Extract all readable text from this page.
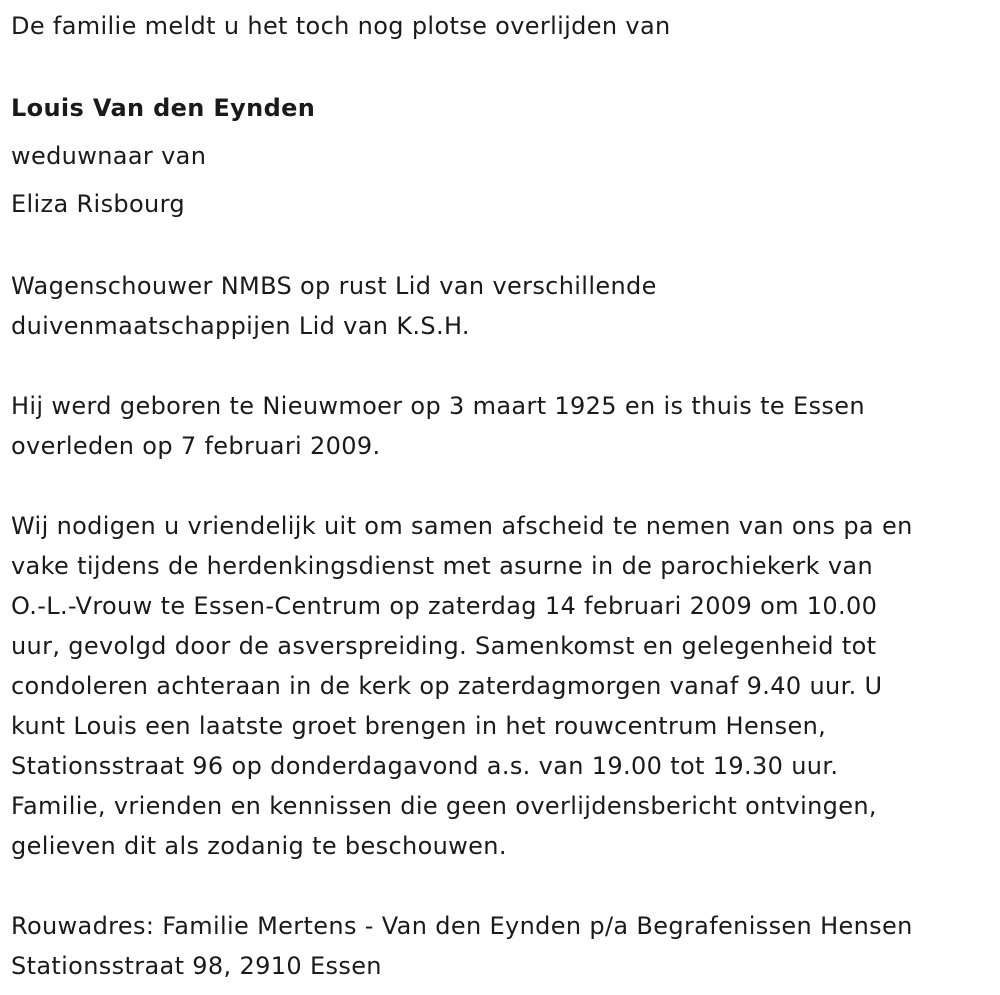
De familie meldt u het toch nog plotse overlijden van
Louis Van den Eynden
weduwnaar van
Eliza Risbourg
Wagenschouwer NMBS op rust Lid van verschillende
duivenmaatschappijen Lid van K.S.H.
Hij werd geboren te Nieuwmoer op 3 maart 1925 en is thuis te Essen
overleden op 7 februari 2009.
Wij nodigen u vriendelijk uit om samen afscheid te nemen van ons pa en
vake tijdens de herdenkingsdienst met asurne in de parochiekerk van
O.-L.-Vrouw te Essen-Centrum op zaterdag 14 februari 2009 om 10.00
uur, gevolgd door de asverspreiding. Samenkomst en gelegenheid tot
condoleren achteraan in de kerk op zaterdagmorgen vanaf 9.40 uur. U
kunt Louis een laatste groet brengen in het rouwcentrum Hensen,
Stationsstraat 96 op donderdagavond a.s. van 19.00 tot 19.30 uur.
Familie, vrienden en kennissen die geen overlijdensbericht ontvingen,
gelieven dit als zodanig te beschouwen.
Rouwadres: Familie Mertens - Van den Eynden p/a Begrafenissen Hensen
Stationsstraat 98, 2910 Essen
